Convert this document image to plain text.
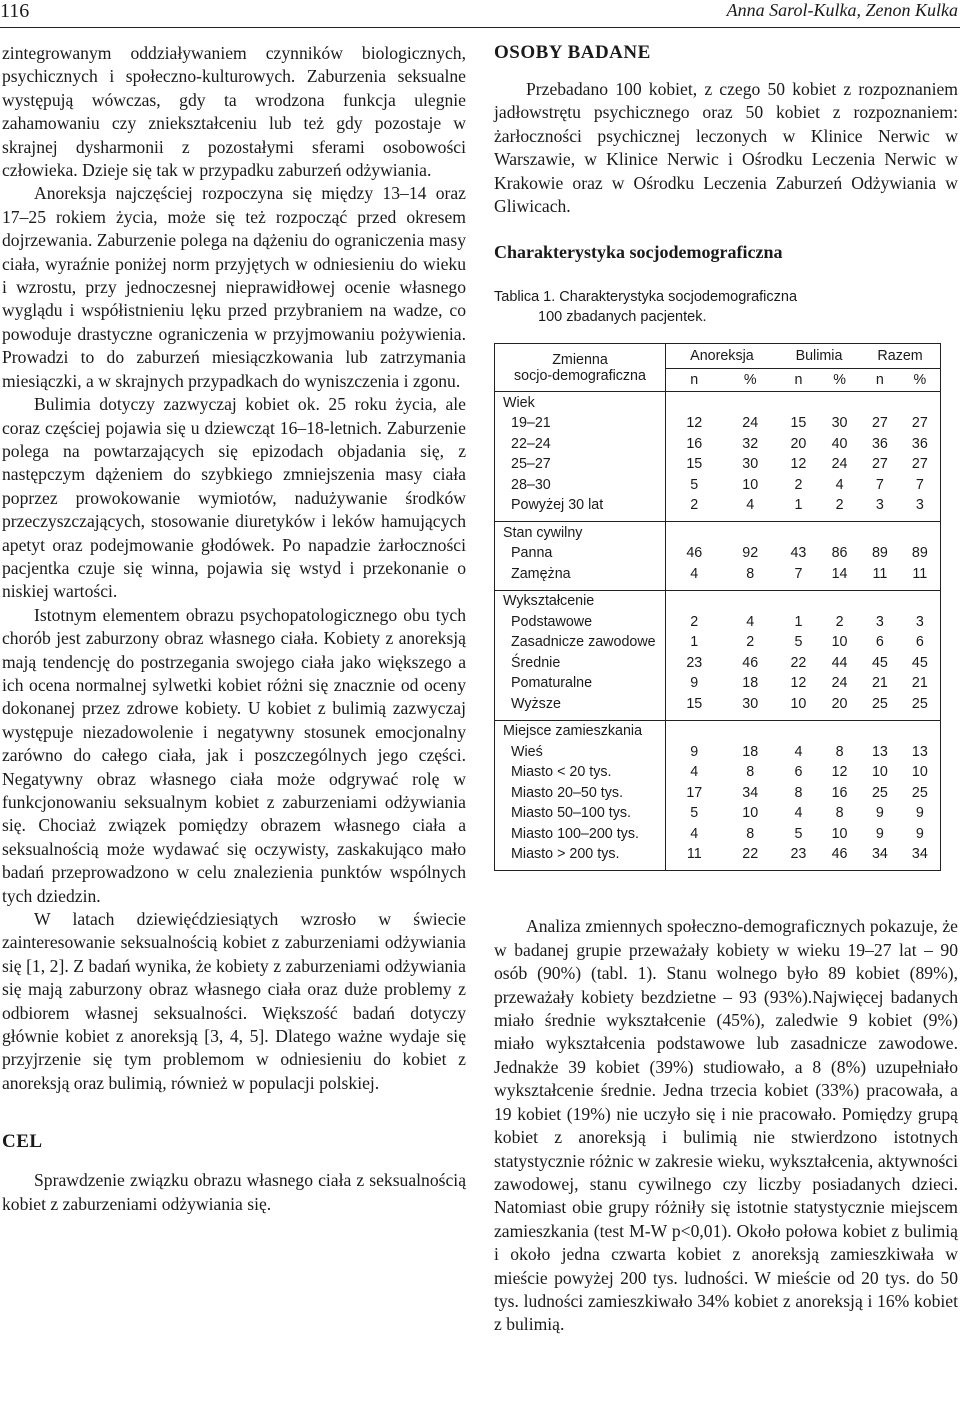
116	Anna Sarol-Kulka, Zenon Kulka

zintegrowanym oddziaływaniem czynników biologicznych, psychicznych i społeczno-kulturowych. Zaburzenia seksualne występują wówczas, gdy ta wrodzona funkcja ulegnie zahamowaniu czy zniekształceniu lub też gdy pozostaje w skrajnej dysharmonii z pozostałymi sferami osobowości człowieka. Dzieje się tak w przypadku zaburzeń odżywiania.

Anoreksja najczęściej rozpoczyna się między 13–14 oraz 17–25 rokiem życia, może się też rozpocząć przed okresem dojrzewania. Zaburzenie polega na dążeniu do ograniczenia masy ciała, wyraźnie poniżej norm przyjętych w odniesieniu do wieku i wzrostu, przy jednoczesnej nieprawidłowej ocenie własnego wyglądu i współistnieniu lęku przed przybraniem na wadze, co powoduje drastyczne ograniczenia w przyjmowaniu pożywienia. Prowadzi to do zaburzeń miesiączkowania lub zatrzymania miesiączki, a w skrajnych przypadkach do wyniszczenia i zgonu.

Bulimia dotyczy zazwyczaj kobiet ok. 25 roku życia, ale coraz częściej pojawia się u dziewcząt 16–18-letnich. Zaburzenie polega na powtarzających się epizodach objadania się, z następczym dążeniem do szybkiego zmniejszenia masy ciała poprzez prowokowanie wymiotów, nadużywanie środków przeczyszczających, stosowanie diuretyków i leków hamujących apetyt oraz podejmowanie głodówek. Po napadzie żarłoczności pacjentka czuje się winna, pojawia się wstyd i przekonanie o niskiej wartości.

Istotnym elementem obrazu psychopatologicznego obu tych chorób jest zaburzony obraz własnego ciała. Kobiety z anoreksją mają tendencję do postrzegania swojego ciała jako większego a ich ocena normalnej sylwetki kobiet różni się znacznie od oceny dokonanej przez zdrowe kobiety. U kobiet z bulimią zazwyczaj występuje niezadowolenie i negatywny stosunek emocjonalny zarówno do całego ciała, jak i poszczególnych jego części. Negatywny obraz własnego ciała może odgrywać rolę w funkcjonowaniu seksualnym kobiet z zaburzeniami odżywiania się. Chociaż związek pomiędzy obrazem własnego ciała a seksualnością może wydawać się oczywisty, zaskakująco mało badań przeprowadzono w celu znalezienia punktów wspólnych tych dziedzin.

W latach dziewięćdziesiątych wzrosło w świecie zainteresowanie seksualnością kobiet z zaburzeniami odżywiania się [1, 2]. Z badań wynika, że kobiety z zaburzeniami odżywiania się mają zaburzony obraz własnego ciała oraz duże problemy z odbiorem własnej seksualności. Większość badań dotyczy głównie kobiet z anoreksją [3, 4, 5]. Dlatego ważne wydaje się przyjrzenie się tym problemom w odniesieniu do kobiet z anoreksją oraz bulimią, również w populacji polskiej.

CEL

Sprawdzenie związku obrazu własnego ciała z seksualnością kobiet z zaburzeniami odżywiania się.

OSOBY BADANE

Przebadano 100 kobiet, z czego 50 kobiet z rozpoznaniem jadłowstrętu psychicznego oraz 50 kobiet z rozpoznaniem: żarłoczności psychicznej leczonych w Klinice Nerwic w Warszawie, w Klinice Nerwic i Ośrodku Leczenia Nerwic w Krakowie oraz w Ośrodku Leczenia Zaburzeń Odżywiania w Gliwicach.

Charakterystyka socjodemograficzna

Tablica 1. Charakterystyka socjodemograficzna
100 zbadanych pacjentek.
Zmienna
socjo-demograficzna	Anoreksja		Bulimia		Razem	
	n	%	n	%	n	%
Wiek						
19–21	12	24	15	30	27	27
22–24	16	32	20	40	36	36
25–27	15	30	12	24	27	27
28–30	5	10	2	4	7	7
Powyżej 30 lat	2	4	1	2	3	3

Stan cywilny						
Panna	46	92	43	86	89	89
Zamężna	4	8	7	14	11	11

Wykształcenie						
Podstawowe	2	4	1	2	3	3
Zasadnicze zawodowe	1	2	5	10	6	6
Średnie	23	46	22	44	45	45
Pomaturalne	9	18	12	24	21	21
Wyższe	15	30	10	20	25	25

Miejsce zamieszkania						
Wieś	9	18	4	8	13	13
Miasto < 20 tys.	4	8	6	12	10	10
Miasto 20–50 tys.	17	34	8	16	25	25
Miasto 50–100 tys.	5	10	4	8	9	9
Miasto 100–200 tys.	4	8	5	10	9	9
Miasto > 200 tys.	11	22	23	46	34	34

Analiza zmiennych społeczno-demograficznych pokazuje, że w badanej grupie przeważały kobiety w wieku 19–27 lat – 90 osób (90%) (tabl. 1). Stanu wolnego było 89 kobiet (89%), przeważały kobiety bezdzietne – 93 (93%).Najwięcej badanych miało średnie wykształcenie (45%), zaledwie 9 kobiet (9%) miało wykształcenia podstawowe lub zasadnicze zawodowe. Jednakże 39 kobiet (39%) studiowało, a 8 (8%) uzupełniało wykształcenie średnie. Jedna trzecia kobiet (33%) pracowała, a 19 kobiet (19%) nie uczyło się i nie pracowało. Pomiędzy grupą kobiet z anoreksją i bulimią nie stwierdzono istotnych statystycznie różnic w zakresie wieku, wykształcenia, aktywności zawodowej, stanu cywilnego czy liczby posiadanych dzieci. Natomiast obie grupy różniły się istotnie statystycznie miejscem zamieszkania (test M-W p<0,01). Około połowa kobiet z bulimią i około jedna czwarta kobiet z anoreksją zamieszkiwała w mieście powyżej 200 tys. ludności. W mieście od 20 tys. do 50 tys. ludności zamieszkiwało 34% kobiet z anoreksją i 16% kobiet z bulimią.
